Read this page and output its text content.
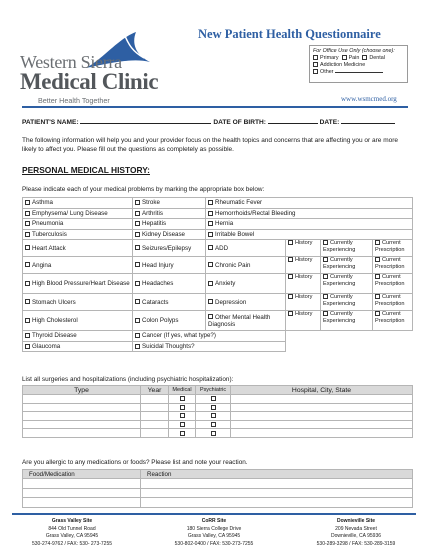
Western Sierra
Medical Clinic
Better Health Together
New Patient Health Questionnaire
For Office Use Only (choose one):
Primary Pain Dental
Addiction Medicine
Other
www.wsmcmed.org
PATIENT'S NAME:	DATE OF BIRTH:	DATE:
The following information will help you and your provider focus on the health topics and concerns that are affecting you or are more likely to affect you. Please fill out the questions as completely as possible.
PERSONAL MEDICAL HISTORY:
Please indicate each of your medical problems by marking the appropriate box below:
Asthma	Stroke	Rheumatic Fever			
Emphysema/ Lung Disease	Arthritis	Hemorrhoids/Rectal Bleeding			
Pneumonia	Hepatitis	Hernia			
Tuberculosis	Kidney Disease	Irritable Bowel			
Heart Attack	Seizures/Epilepsy	ADD	History	Currently Experiencing	Current Prescription
Angina	Head Injury	Chronic Pain	History	Currently Experiencing	Current Prescription
High Blood Pressure/Heart Disease	Headaches	Anxiety	History	Currently Experiencing	Current Prescription
Stomach Ulcers	Cataracts	Depression	History	Currently Experiencing	Current Prescription
High Cholesterol	Colon Polyps	Other Mental Health Diagnosis	History	Currently Experiencing	Current Prescription
Thyroid Disease	Cancer (If yes, what type?)				
Glaucoma	Suicidal Thoughts?				
List all surgeries and hospitalizations (including psychiatric hospitalization):
Type	Year	Medical	Psychiatric	Hospital, City, State

Are you allergic to any medications or foods? Please list and note your reaction.
Food/Medication	Reaction

Grass Valley Site
844 Old Tunnel Road
Grass Valley, CA 95945
530-274-9762 / FAX: 530- 273-7255
CoRR Site
180 Sierra College Drive
Grass Valley, CA 95945
530-802-0400 / FAX: 530-273-7255
Downieville Site
209 Nevada Street
Downieville, CA 95936
530-289-3298 / FAX: 530-289-3159
